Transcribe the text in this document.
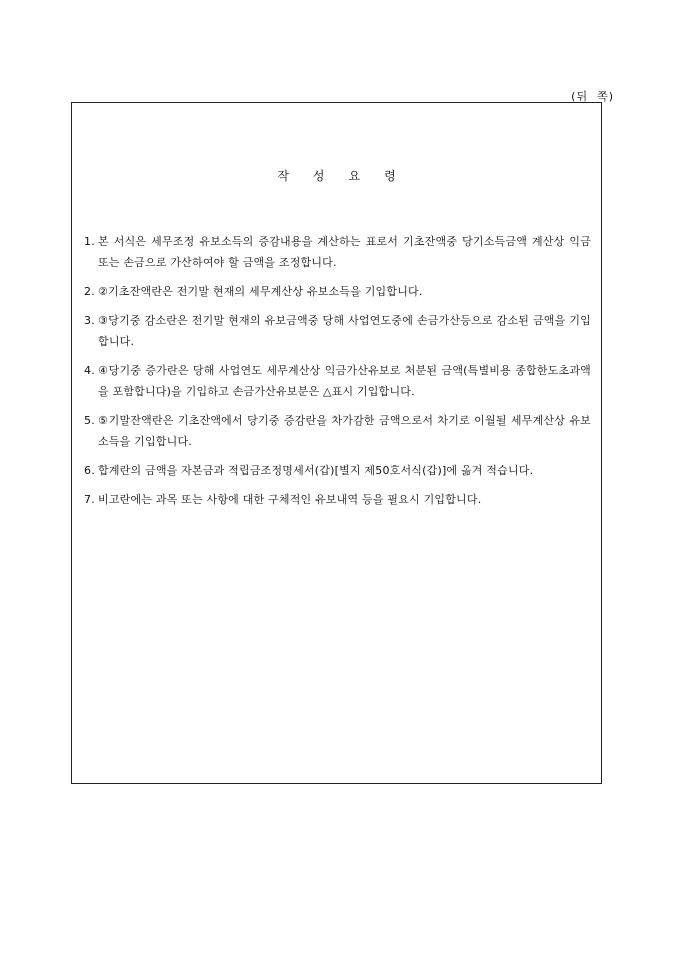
(뒤  쪽)
작성요령
1. 본 서식은 세무조정 유보소득의 증감내용을 계산하는 표로서 기초잔액중 당기소득금액 계산상 익금 또는 손금으로 가산하여야 할 금액을 조정합니다.
2. ②기초잔액란은 전기말 현재의 세무계산상 유보소득을 기입합니다.
3. ③당기중 감소란은 전기말 현재의 유보금액중 당해 사업연도중에 손금가산등으로 감소된 금액을 기입합니다.
4. ④당기중 증가란은 당해 사업연도 세무계산상 익금가산유보로 처분된 금액(특별비용 종합한도초과액을 포함합니다)을 기입하고 손금가산유보분은 △표시 기입합니다.
5. ⑤기말잔액란은 기초잔액에서 당기중 증감란을 차가감한 금액으로서 차기로 이월될 세무계산상 유보소득을 기입합니다.
6. 합계란의 금액을 자본금과 적립금조정명세서(갑)[별지 제50호서식(갑)]에 옮겨 적습니다.
7. 비고란에는 과목 또는 사항에 대한 구체적인 유보내역 등을 필요시 기입합니다.
